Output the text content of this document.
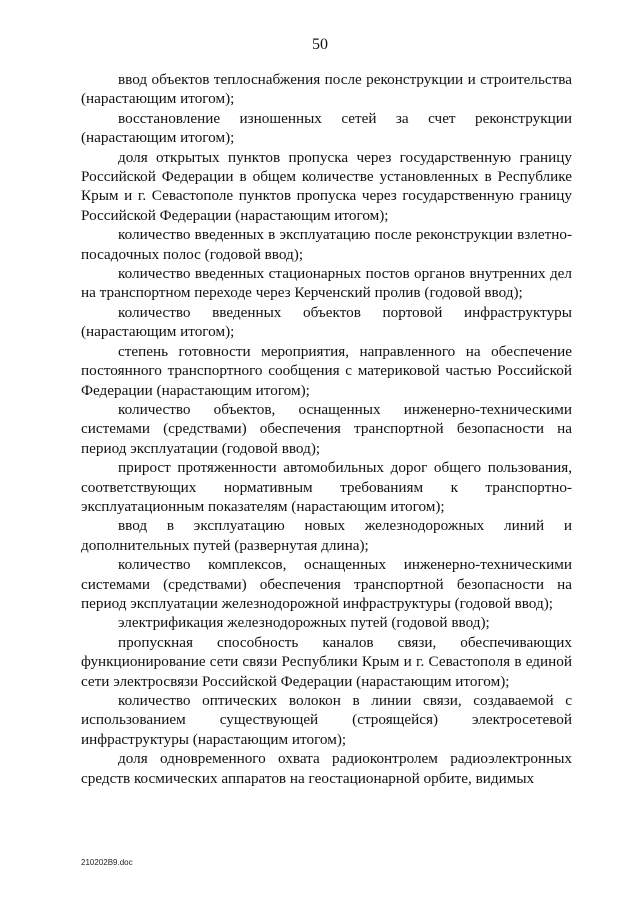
50

ввод объектов теплоснабжения после реконструкции и строительства (нарастающим итогом);

восстановление изношенных сетей за счет реконструкции (нарастающим итогом);

доля открытых пунктов пропуска через государственную границу Российской Федерации в общем количестве установленных в Республике Крым и г. Севастополе пунктов пропуска через государственную границу Российской Федерации (нарастающим итогом);

количество введенных в эксплуатацию после реконструкции взлетно-посадочных полос (годовой ввод);

количество введенных стационарных постов органов внутренних дел на транспортном переходе через Керченский пролив (годовой ввод);

количество введенных объектов портовой инфраструктуры (нарастающим итогом);

степень готовности мероприятия, направленного на обеспечение постоянного транспортного сообщения с материковой частью Российской Федерации (нарастающим итогом);

количество объектов, оснащенных инженерно-техническими системами (средствами) обеспечения транспортной безопасности на период эксплуатации (годовой ввод);

прирост протяженности автомобильных дорог общего пользования, соответствующих нормативным требованиям к транспортно-эксплуатационным показателям (нарастающим итогом);

ввод в эксплуатацию новых железнодорожных линий и дополнительных путей (развернутая длина);

количество комплексов, оснащенных инженерно-техническими системами (средствами) обеспечения транспортной безопасности на период эксплуатации железнодорожной инфраструктуры (годовой ввод);

электрификация железнодорожных путей (годовой ввод);

пропускная способность каналов связи, обеспечивающих функционирование сети связи Республики Крым и г. Севастополя в единой сети электросвязи Российской Федерации (нарастающим итогом);

количество оптических волокон в линии связи, создаваемой с использованием существующей (строящейся) электросетевой инфраструктуры (нарастающим итогом);

доля одновременного охвата радиоконтролем радиоэлектронных средств космических аппаратов на геостационарной орбите, видимых

210202B9.doc
